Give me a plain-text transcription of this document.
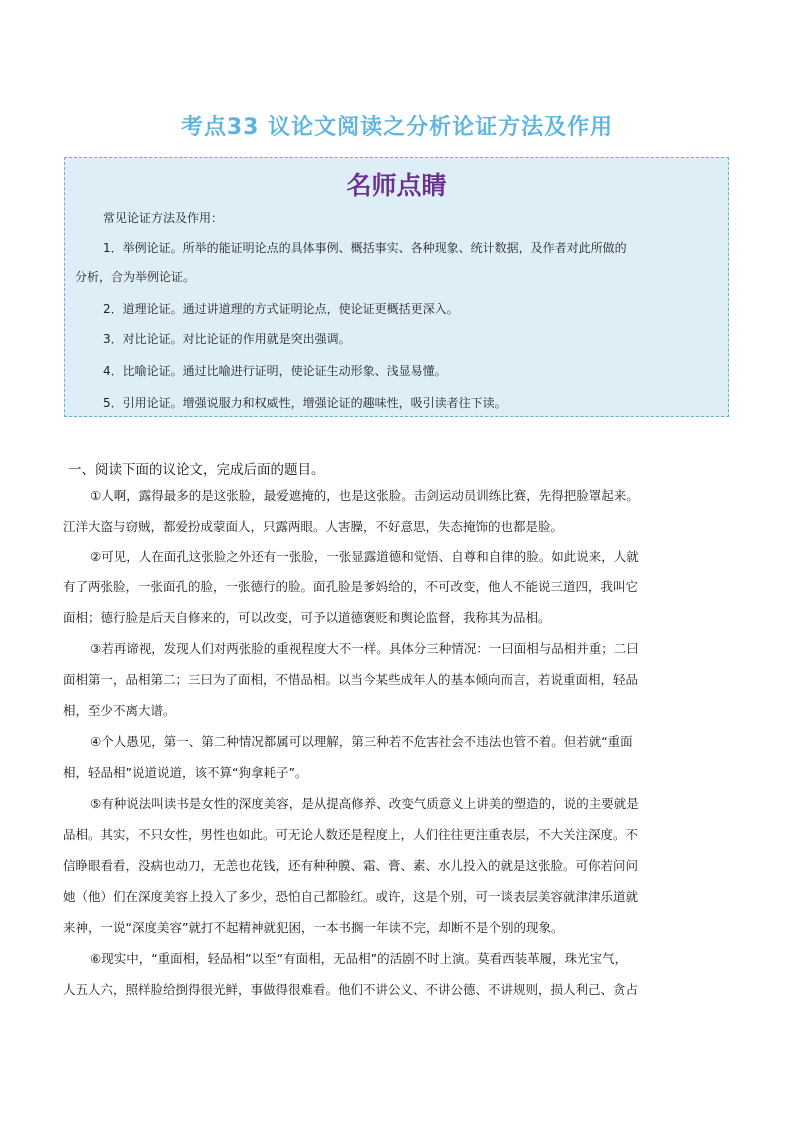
考点33 议论文阅读之分析论证方法及作用
名师点睛
常见论证方法及作用：
1．举例论证。所举的能证明论点的具体事例、概括事实、各种现象、统计数据，及作者对此所做的
分析，合为举例论证。
2．道理论证。通过讲道理的方式证明论点，使论证更概括更深入。
3．对比论证。对比论证的作用就是突出强调。
4．比喻论证。通过比喻进行证明，使论证生动形象、浅显易懂。
5．引用论证。增强说服力和权威性，增强论证的趣味性，吸引读者往下读。
一、阅读下面的议论文，完成后面的题目。
①人啊，露得最多的是这张脸，最爱遮掩的，也是这张脸。击剑运动员训练比赛，先得把脸罩起来。
江洋大盗与窃贼，都爱扮成蒙面人，只露两眼。人害臊，不好意思，失态掩饰的也都是脸。
②可见，人在面孔这张脸之外还有一张脸，一张显露道德和觉悟、自尊和自律的脸。如此说来，人就
有了两张脸，一张面孔的脸，一张德行的脸。面孔脸是爹妈给的，不可改变，他人不能说三道四，我叫它
面相；德行脸是后天自修来的，可以改变，可予以道德褒贬和舆论监督，我称其为品相。
③若再谛视，发现人们对两张脸的重视程度大不一样。具体分三种情况：一曰面相与品相并重；二曰
面相第一，品相第二；三曰为了面相，不惜品相。以当今某些成年人的基本倾向而言，若说重面相，轻品
相，至少不离大谱。
④个人愚见，第一、第二种情况都属可以理解，第三种若不危害社会不违法也管不着。但若就“重面
相，轻品相”说道说道，该不算“狗拿耗子”。
⑤有种说法叫读书是女性的深度美容，是从提高修养、改变气质意义上讲美的塑造的，说的主要就是
品相。其实，不只女性，男性也如此。可无论人数还是程度上，人们往往更注重表层，不大关注深度。不
信睁眼看看，没病也动刀，无恙也花钱，还有种种膜、霜、膏、素、水儿投入的就是这张脸。可你若问问
她（他）们在深度美容上投入了多少，恐怕自己都脸红。或许，这是个别，可一谈表层美容就津津乐道就
来神，一说“深度美容”就打不起精神就犯困，一本书搁一年读不完，却断不是个别的现象。
⑥现实中，“重面相，轻品相”以至“有面相，无品相”的活剧不时上演。莫看西装革履，珠光宝气，
人五人六，照样脸给捯得很光鲜，事做得很难看。他们不讲公义、不讲公德、不讲规则，损人利己、贪占
